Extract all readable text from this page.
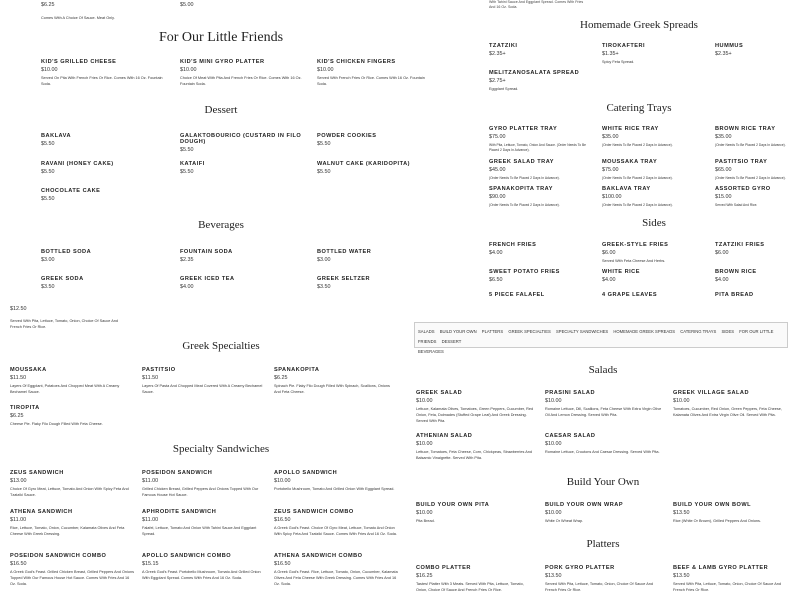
$6.25
Comes With A Choice Of Sauce. Meat Only.
$5.00
For Our Little Friends
KID'S GRILLED CHEESE
$10.00
Served On Pita With French Fries Or Rice. Comes With 16 Oz. Fountain Soda.
KID'S MINI GYRO PLATTER
$10.00
Choice Of Meat With Pita And French Fries Or Rice. Comes With 16 Oz. Fountain Soda.
KID'S CHICKEN FINGERS
$10.00
Served With French Fries Or Rice. Comes With 16 Oz. Fountain Soda.
Dessert
BAKLAVA
$5.50
GALAKTOBOURICO (CUSTARD IN FILO DOUGH)
$5.50
POWDER COOKIES
$5.50
RAVANI (HONEY CAKE)
$5.50
KATAIFI
$5.50
WALNUT CAKE (KARIDOPITA)
$5.50
CHOCOLATE CAKE
$5.50
Beverages
BOTTLED SODA
$3.00
FOUNTAIN SODA
$2.35
BOTTLED WATER
$3.00
GREEK SODA
$3.50
GREEK ICED TEA
$4.00
GREEK SELTZER
$3.50
$12.50
Served With Pita, Lettuce, Tomato, Onion, Choice Of Sauce And French Fries Or Rice.
Greek Specialties
MOUSSAKA
$11.50
Layers Of Eggplant, Potatoes And Chopped Meat With A Creamy Bechamel Sauce.
PASTITSIO
$11.50
Layers Of Pasta And Chopped Meat Covered With A Creamy Bechamel Sauce.
SPANAKOPITA
$6.25
Spinach Pie. Flaky Filo Dough Filled With Spinach, Scallions, Onions And Feta Cheese.
TIROPITA
$6.25
Cheese Pie. Flaky Filo Dough Filled With Feta Cheese.
Specialty Sandwiches
ZEUS SANDWICH
$13.00
Choice Of Gyro Meat, Lettuce, Tomato And Onion With Spicy Feta And Tzatziki Sauce.
POSEIDON SANDWICH
$11.00
Grilled Chicken Breast, Grilled Peppers And Onions Topped With Our Famous House Hot Sauce.
APOLLO SANDWICH
$10.00
Portobello Mushroom, Tomato And Grilled Onion With Eggplant Spread.
ATHENA SANDWICH
$11.00
Rice, Lettuce, Tomato, Onion, Cucumber, Kalamata Olives And Feta Cheese With Greek Dressing.
APHRODITE SANDWICH
$11.00
Falafel, Lettuce, Tomato And Onion With Tahini Sauce And Eggplant Spread.
ZEUS SANDWICH COMBO
$16.50
A Greek God's Feast. Choice Of Gyro Meat, Lettuce, Tomato And Onion With Spicy Feta And Tzatziki Sauce. Comes With Fries And 16 Oz. Soda.
POSEIDON SANDWICH COMBO
$16.50
A Greek God's Feast. Grilled Chicken Breast, Grilled Peppers And Onions Topped With Our Famous House Hot Sauce. Comes With Fries And 16 Oz. Soda.
APOLLO SANDWICH COMBO
$15.15
A Greek God's Feast. Portobello Mushroom, Tomato And Grilled Onion With Eggplant Spread. Comes With Fries And 16 Oz. Soda.
ATHENA SANDWICH COMBO
$16.50
A Greek God's Feast. Rice, Lettuce, Tomato, Onion, Cucumber, Kalamata Olives And Feta Cheese With Greek Dressing. Comes With Fries And 16 Oz. Soda.
With Tahini Sauce And Eggplant Spread. Comes With Fries And 16 Oz. Soda.
Homemade Greek Spreads
TZATZIKI
$2.35+
TIROKAFTERI
$1.35+
Spicy Feta Spread.
HUMMUS
$2.35+
MELITZANOSALATA SPREAD
$2.75+
Eggplant Spread.
Catering Trays
GYRO PLATTER TRAY
$75.00
With Pita, Lettuce, Tomato, Onion And Sauce. (Order Needs To Be Placed 2 Days In Advance).
WHITE RICE TRAY
$35.00
(Order Needs To Be Placed 2 Days In Advance).
BROWN RICE TRAY
$35.00
(Order Needs To Be Placed 2 Days In Advance).
GREEK SALAD TRAY
$45.00
(Order Needs To Be Placed 2 Days In Advance).
MOUSSAKA TRAY
$75.00
(Order Needs To Be Placed 2 Days In Advance).
PASTITSIO TRAY
$65.00
(Order Needs To Be Placed 2 Days In Advance).
SPANAKOPITA TRAY
$90.00
(Order Needs To Be Placed 2 Days In Advance).
BAKLAVA TRAY
$100.00
(Order Needs To Be Placed 2 Days In Advance).
ASSORTED GYRO
$15.00
Served With Salad And Rice.
Sides
FRENCH FRIES
$4.00
GREEK-STYLE FRIES
$6.00
Served With Feta Cheese And Herbs.
TZATZIKI FRIES
$6.00
SWEET POTATO FRIES
$6.50
WHITE RICE
$4.00
BROWN RICE
$4.00
5 PIECE FALAFEL	4 GRAPE LEAVES	PITA BREAD
SALADS BUILD YOUR OWN PLATTERS GREEK SPECIALTIES SPECIALTY SANDWICHES HOMEMADE GREEK SPREADS CATERING TRAYS SIDES FOR OUR LITTLE FRIENDS DESSERT
BEVERAGES
Salads
GREEK SALAD
$10.00
Lettuce, Kalamata Olives, Tomatoes, Green Peppers, Cucumber, Red Onion, Feta, Dolmades (Stuffed Grape Leaf) And Greek Dressing. Served With Pita.
PRASINI SALAD
$10.00
Romaine Lettuce, Dill, Scallions, Feta Cheese With Extra Virgin Olive Oil And Lemon Dressing. Served With Pita.
GREEK VILLAGE SALAD
$10.00
Tomatoes, Cucumber, Red Onion, Green Peppers, Feta Cheese, Kalamata Olives And Extra Virgin Olive Oil. Served With Pita.
ATHENIAN SALAD
$10.00
Lettuce, Tomatoes, Feta Cheese, Corn, Chickpeas, Strawberries And Balsamic Vinaigrette. Served With Pita.
CAESAR SALAD
$10.00
Romaine Lettuce, Croutons And Caesar Dressing. Served With Pita.
Build Your Own
BUILD YOUR OWN PITA
$10.00
Pita Bread.
BUILD YOUR OWN WRAP
$10.00
White Or Wheat Wrap.
BUILD YOUR OWN BOWL
$13.50
Rice (White Or Brown), Grilled Peppers And Onions.
Platters
COMBO PLATTER
$16.25
Tastes! Platter With 3 Meats. Served With Pita, Lettuce, Tomato, Onion, Choice Of Sauce And French Fries Or Rice.
PORK GYRO PLATTER
$13.50
Served With Pita, Lettuce, Tomato, Onion, Choice Of Sauce And French Fries Or Rice.
BEEF & LAMB GYRO PLATTER
$13.50
Served With Pita, Lettuce, Tomato, Onion, Choice Of Sauce And French Fries Or Rice.
